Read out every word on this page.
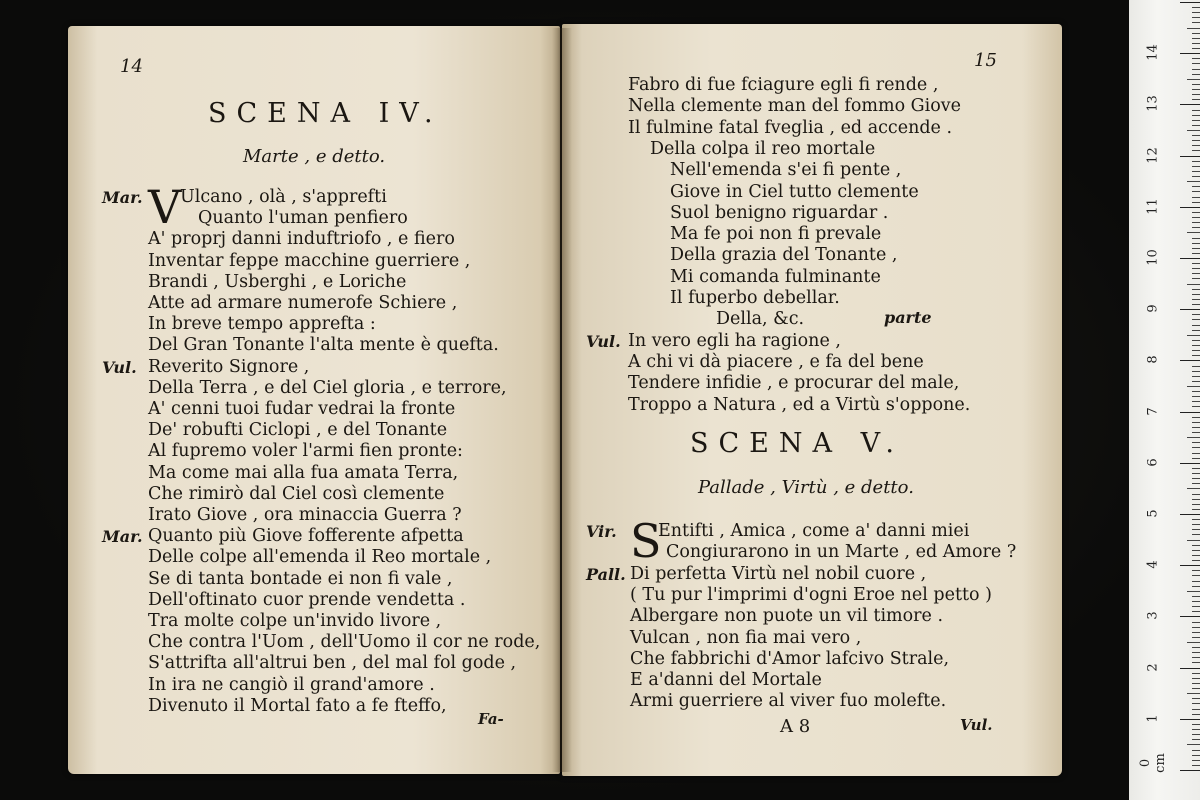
14
SCENA IV.
Marte , e detto.
Mar. V
Ulcano , olà , s'apprefti
Quanto l'uman penfiero
A' proprj danni induftriofo , e fiero
Inventar feppe macchine guerriere ,
Brandi , Usberghi , e Loriche
Atte ad armare numerofe Schiere ,
In breve tempo apprefta :
Del Gran Tonante l'alta mente è quefta.
Vul. Reverito Signore ,
Della Terra , e del Ciel gloria , e terrore,
A' cenni tuoi fudar vedrai la fronte
De' robufti Ciclopi , e del Tonante
Al fupremo voler l'armi fien pronte:
Ma come mai alla fua amata Terra,
Che rimirò dal Ciel così clemente
Irato Giove , ora minaccia Guerra ?
Mar. Quanto più Giove fofferente afpetta
Delle colpe all'emenda il Reo mortale ,
Se di tanta bontade ei non fi vale ,
Dell'oftinato cuor prende vendetta .
Tra molte colpe un'invido livore ,
Che contra l'Uom , dell'Uomo il cor ne rode,
S'attrifta all'altrui ben , del mal fol gode ,
In ira ne cangiò il grand'amore .
Divenuto il Mortal fato a fe fteffo,
Fa-
15
Fabro di fue fciagure egli fi rende ,
Nella clemente man del fommo Giove
Il fulmine fatal fveglia , ed accende .
Della colpa il reo mortale
Nell'emenda s'ei fi pente ,
Giove in Ciel tutto clemente
Suol benigno riguardar .
Ma fe poi non fi prevale
Della grazia del Tonante ,
Mi comanda fulminante
Il fuperbo debellar.
Della, &c.
Vul. In vero egli ha ragione ,
A chi vi dà piacere , e fa del bene
Tendere infidie , e procurar del male,
Troppo a Natura , ed a Virtù s'oppone.
parte
SCENA V.
Pallade , Virtù , e detto.
Vir. S
Entifti , Amica , come a' danni miei
Congiurarono in un Marte , ed Amore ?
Pall. Di perfetta Virtù nel nobil cuore ,
( Tu pur l'imprimi d'ogni Eroe nel petto )
Albergare non puote un vil timore .
Vulcan , non fia mai vero ,
Che fabbrichi d'Amor lafcivo Strale,
E a'danni del Mortale
Armi guerriere al viver fuo molefte.
A 8	Vul.
0 cm
1
2
3
4
5
6
7
8
9
10
11
12
13
14
